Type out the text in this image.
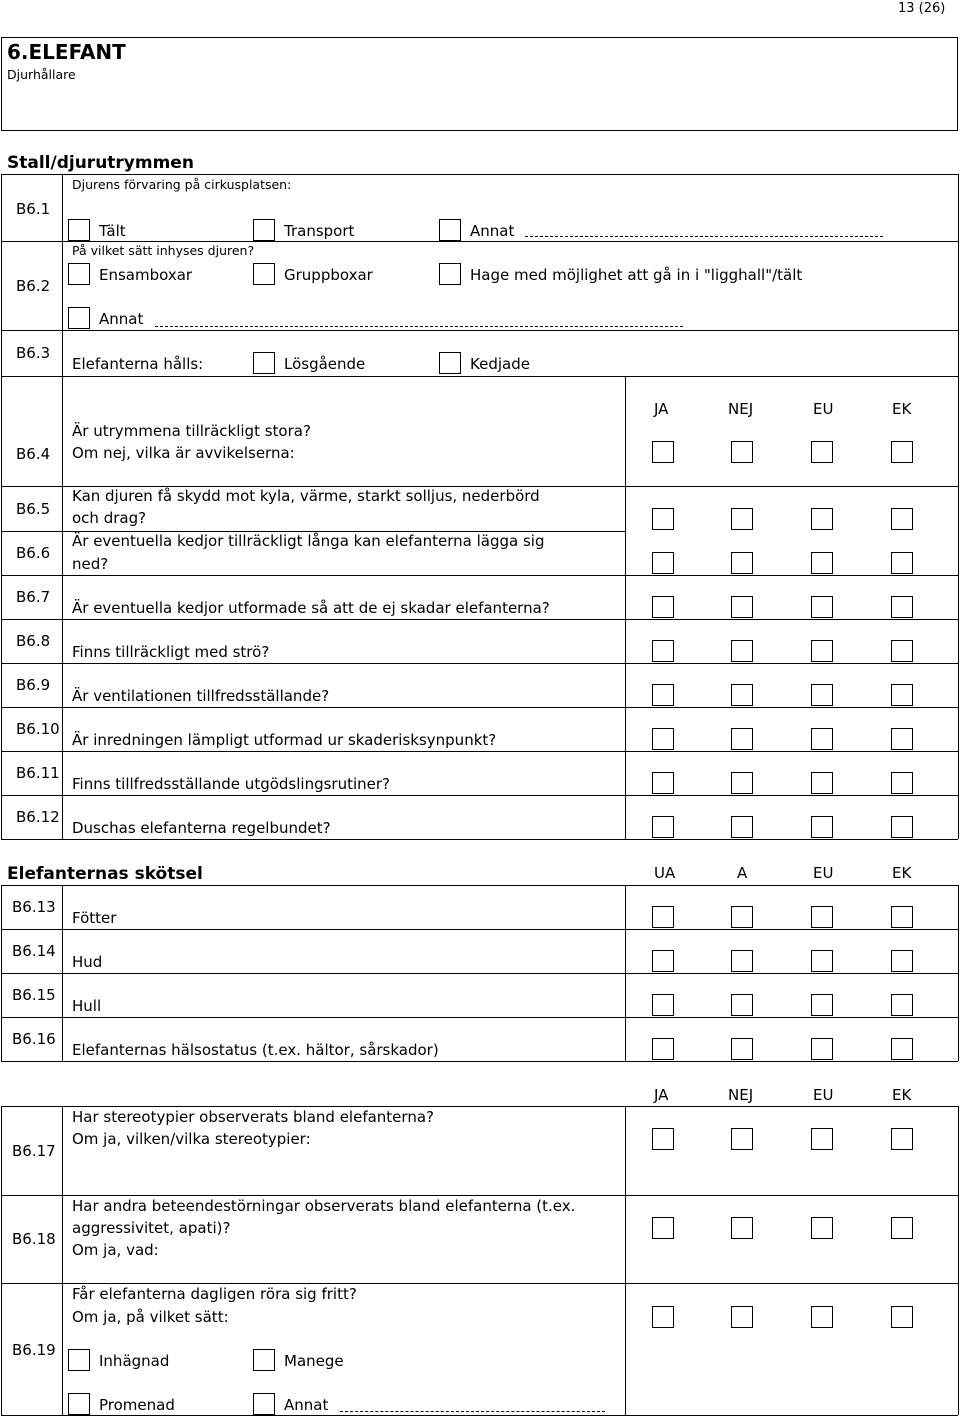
13 (26)
6.ELEFANT
Djurhållare
Stall/djurutrymmen
B6.1
Djurens förvaring på cirkusplatsen:
Tält	Transport	Annat
B6.2
På vilket sätt inhyses djuren?
Ensamboxar	Gruppboxar	Hage med möjlighet att gå in i "ligghall"/tält
Annat
B6.3
Elefanterna hålls:	Lösgående	Kedjade
JA	NEJ	EU	EK
B6.4
Är utrymmena tillräckligt stora?
Om nej, vilka är avvikelserna:
B6.5
Kan djuren få skydd mot kyla, värme, starkt solljus, nederbörd
och drag?
B6.6
Är eventuella kedjor tillräckligt långa kan elefanterna lägga sig
ned?
B6.7
Är eventuella kedjor utformade så att de ej skadar elefanterna?
B6.8
Finns tillräckligt med strö?
B6.9
Är ventilationen tillfredsställande?
B6.10
Är inredningen lämpligt utformad ur skaderisksynpunkt?
B6.11
Finns tillfredsställande utgödslingsrutiner?
B6.12
Duschas elefanterna regelbundet?
Elefanternas skötsel	UA	A	EU	EK
B6.13
Fötter
B6.14
Hud
B6.15
Hull
B6.16
Elefanternas hälsostatus (t.ex. hältor, sårskador)
JA	NEJ	EU	EK
B6.17
Har stereotypier observerats bland elefanterna?
Om ja, vilken/vilka stereotypier:
B6.18
Har andra beteendestörningar observerats bland elefanterna (t.ex.
aggressivitet, apati)?
Om ja, vad:
B6.19
Får elefanterna dagligen röra sig fritt?
Om ja, på vilket sätt:
Inhägnad	Manege
Promenad	Annat
